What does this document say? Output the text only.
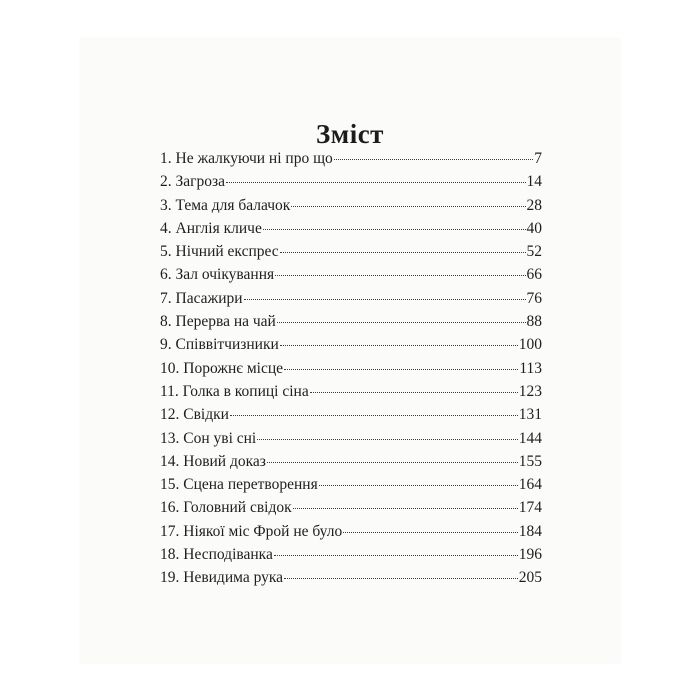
Зміст
1. Не жалкуючи ні про що	7
2. Загроза	14
3. Тема для балачок	28
4. Англія кличе	40
5. Нічний експрес	52
6. Зал очікування	66
7. Пасажири	76
8. Перерва на чай	88
9. Співвітчизники	100
10. Порожнє місце	113
11. Голка в копиці сіна	123
12. Свідки	131
13. Сон уві сні	144
14. Новий доказ	155
15. Сцена перетворення	164
16. Головний свідок	174
17. Ніякої міс Фрой не було	184
18. Несподіванка	196
19. Невидима рука	205
